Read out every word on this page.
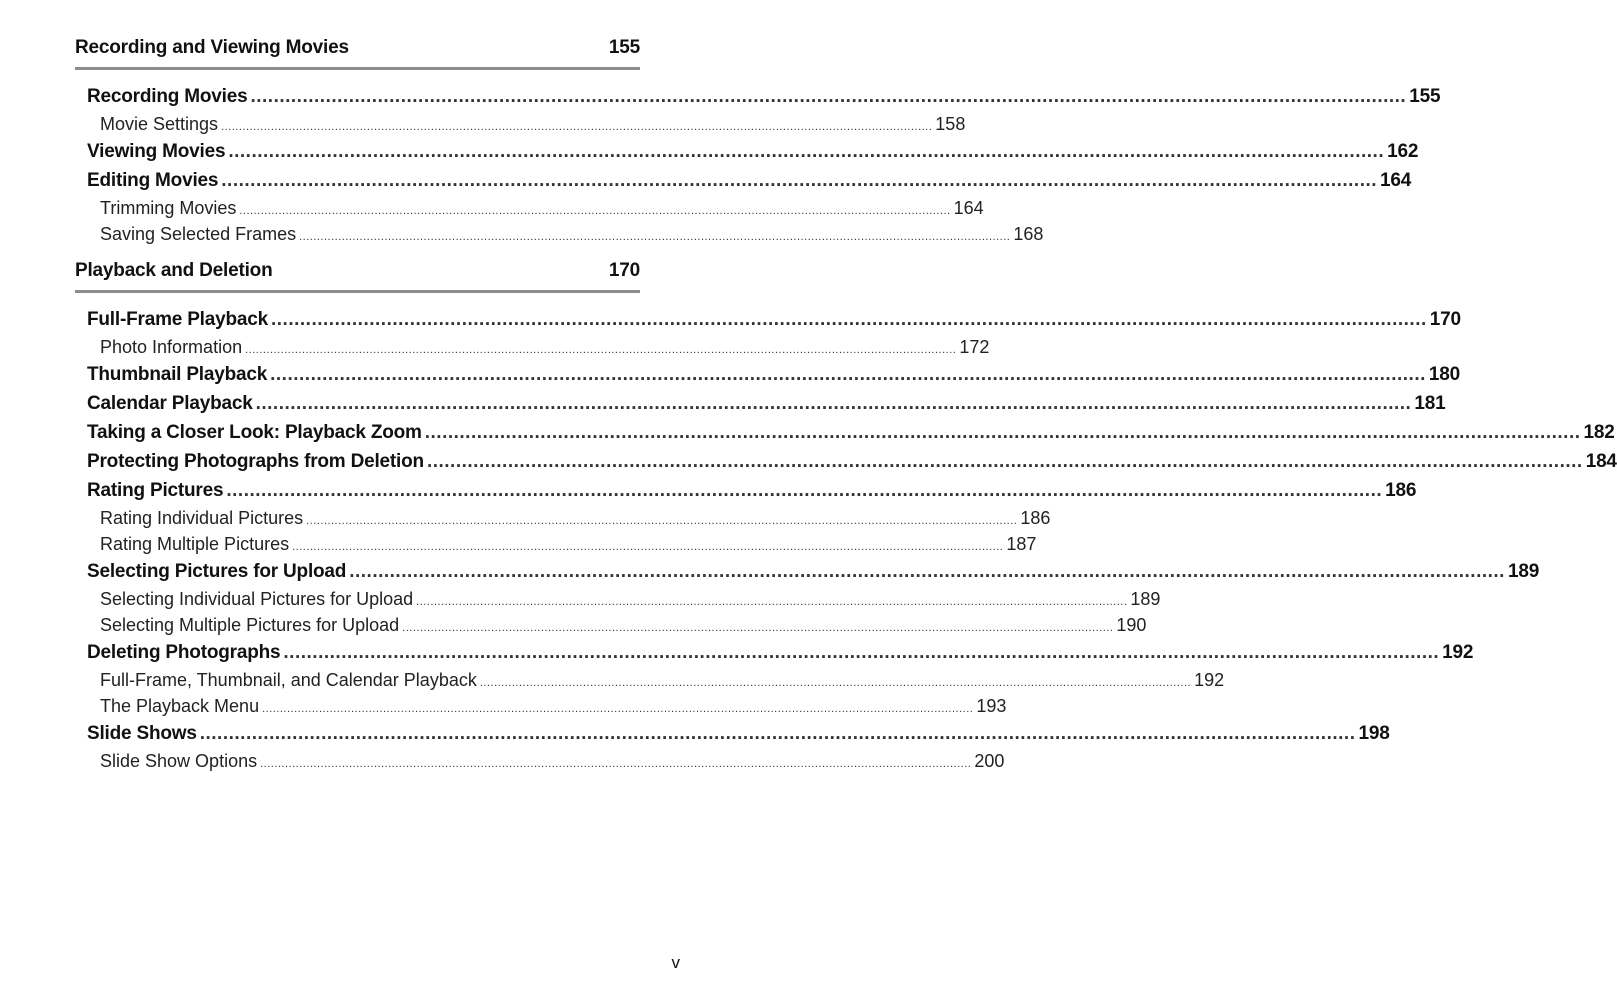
Recording and Viewing Movies	155
Recording Movies ........................................................................................................................................................................................................ 155
Movie Settings ........................................................................................................................................................................................................ 158
Viewing Movies ........................................................................................................................................................................................................ 162
Editing Movies ........................................................................................................................................................................................................ 164
Trimming Movies ........................................................................................................................................................................................................ 164
Saving Selected Frames ........................................................................................................................................................................................................ 168
Playback and Deletion	170
Full-Frame Playback ........................................................................................................................................................................................................ 170
Photo Information ........................................................................................................................................................................................................ 172
Thumbnail Playback ........................................................................................................................................................................................................ 180
Calendar Playback ........................................................................................................................................................................................................ 181
Taking a Closer Look: Playback Zoom ........................................................................................................................................................................................................ 182
Protecting Photographs from Deletion ........................................................................................................................................................................................................ 184
Rating Pictures ........................................................................................................................................................................................................ 186
Rating Individual Pictures ........................................................................................................................................................................................................ 186
Rating Multiple Pictures ........................................................................................................................................................................................................ 187
Selecting Pictures for Upload ........................................................................................................................................................................................................ 189
Selecting Individual Pictures for Upload ........................................................................................................................................................................................................ 189
Selecting Multiple Pictures for Upload ........................................................................................................................................................................................................ 190
Deleting Photographs ........................................................................................................................................................................................................ 192
Full-Frame, Thumbnail, and Calendar Playback ........................................................................................................................................................................................................ 192
The Playback Menu ........................................................................................................................................................................................................ 193
Slide Shows ........................................................................................................................................................................................................ 198
Slide Show Options ........................................................................................................................................................................................................ 200
v
